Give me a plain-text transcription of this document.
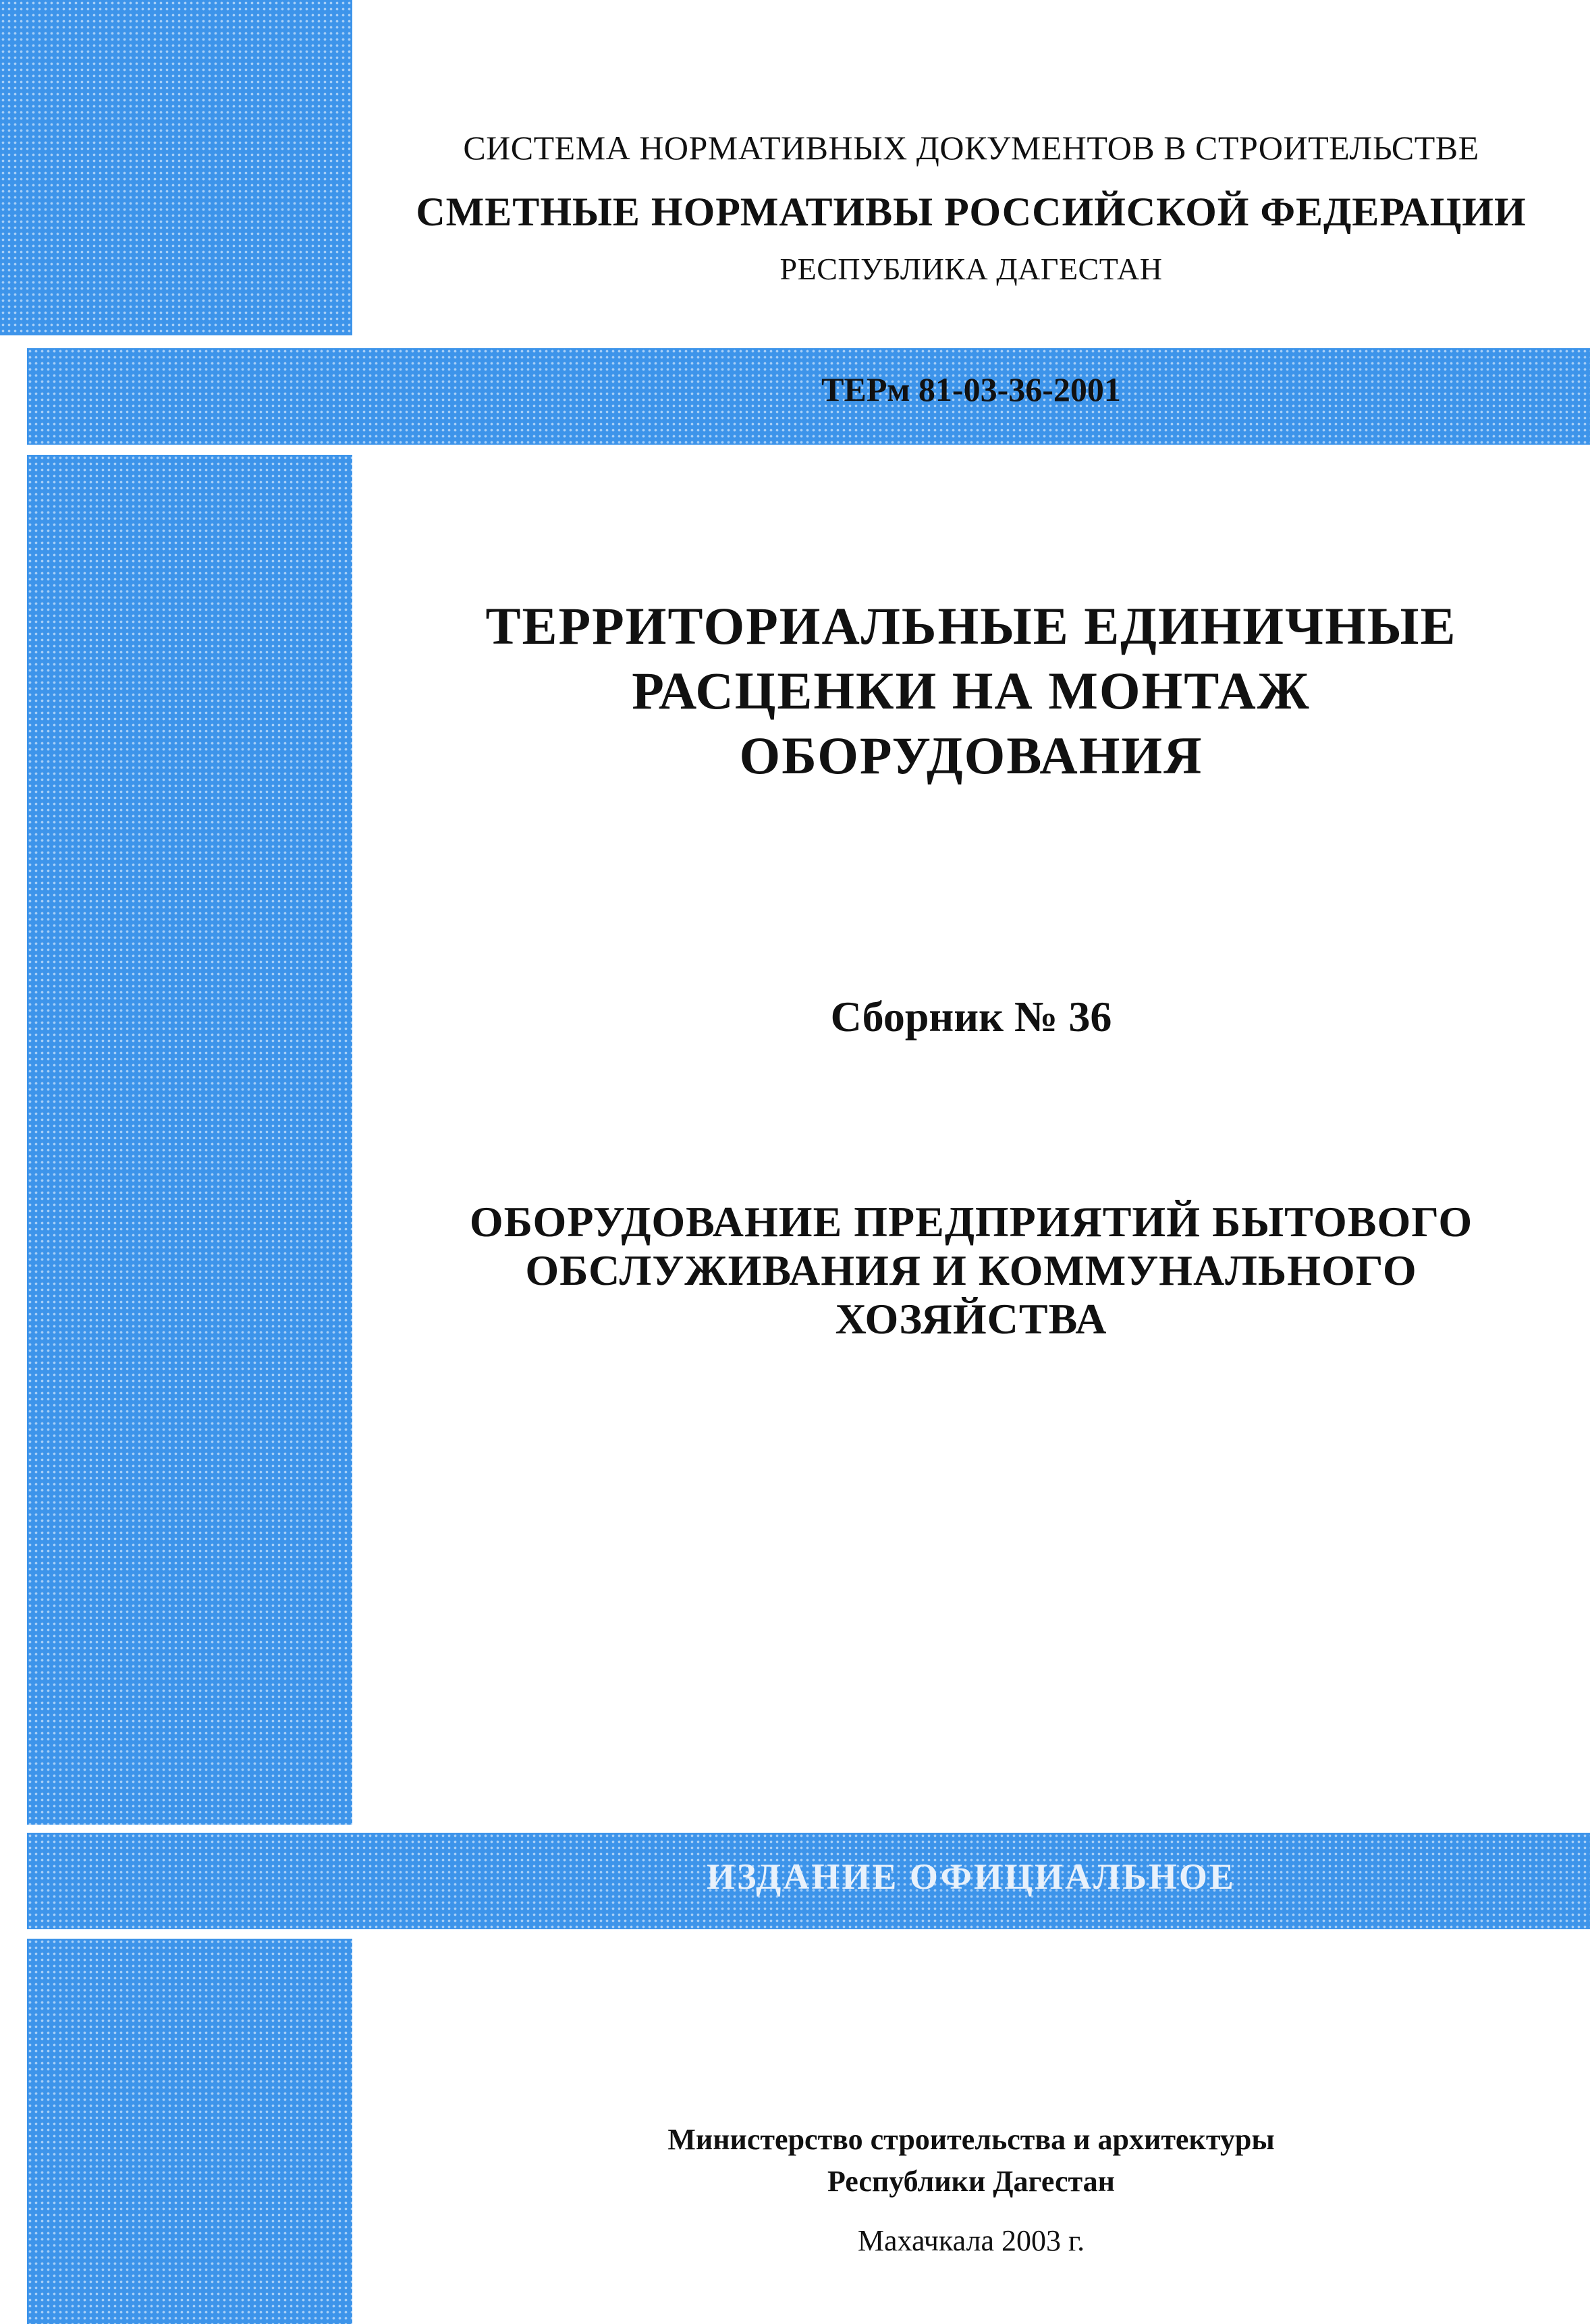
СИСТЕМА НОРМАТИВНЫХ ДОКУМЕНТОВ В СТРОИТЕЛЬСТВЕ

СМЕТНЫЕ НОРМАТИВЫ РОССИЙСКОЙ ФЕДЕРАЦИИ

РЕСПУБЛИКА ДАГЕСТАН

ТЕРм 81-03-36-2001

ТЕРРИТОРИАЛЬНЫЕ ЕДИНИЧНЫЕ
РАСЦЕНКИ НА МОНТАЖ
ОБОРУДОВАНИЯ

Сборник № 36

ОБОРУДОВАНИЕ ПРЕДПРИЯТИЙ БЫТОВОГО
ОБСЛУЖИВАНИЯ И КОММУНАЛЬНОГО
ХОЗЯЙСТВА

ИЗДАНИЕ ОФИЦИАЛЬНОЕ

Министерство строительства и архитектуры
Республики Дагестан

Махачкала 2003 г.
